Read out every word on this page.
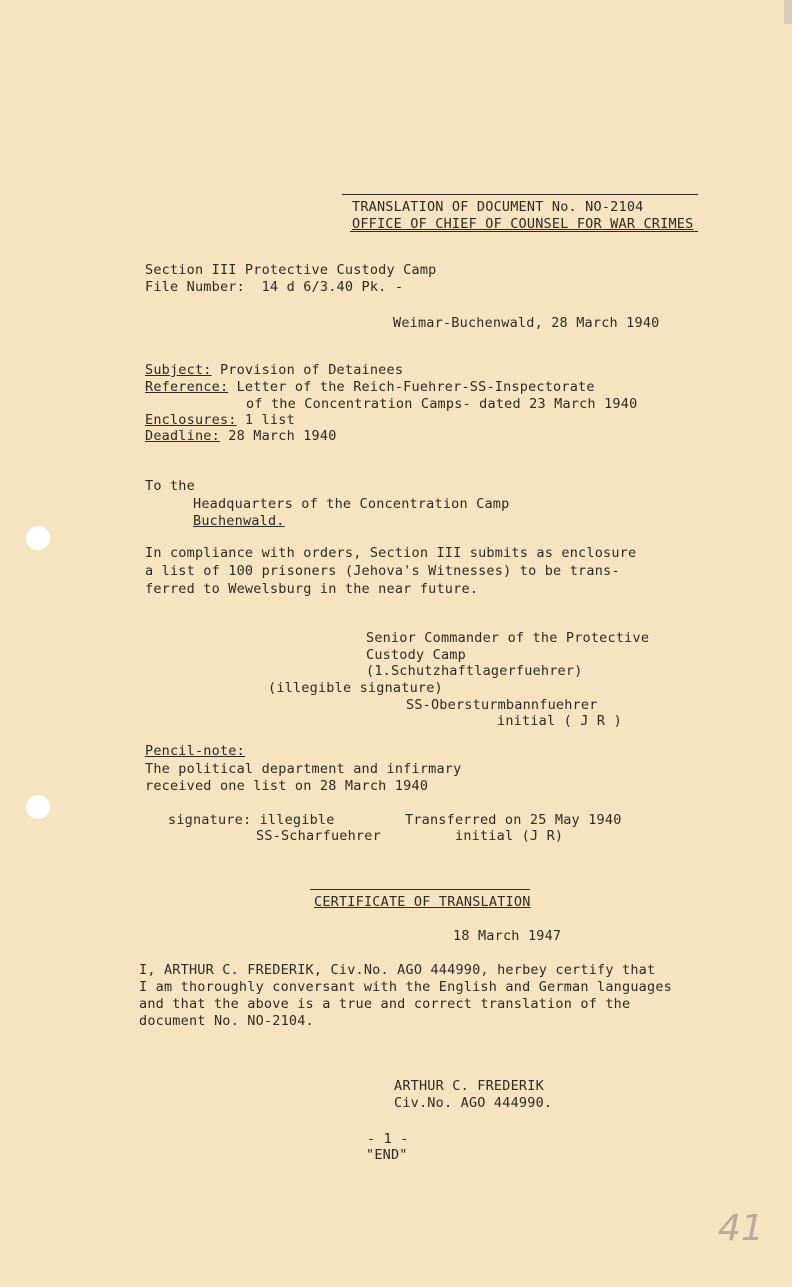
TRANSLATION OF DOCUMENT No. NO-2104
OFFICE OF CHIEF OF COUNSEL FOR WAR CRIMES
Section III Protective Custody Camp
File Number:  14 d 6/3.40 Pk. -
Weimar-Buchenwald, 28 March 1940
Subject: Provision of Detainees
Reference: Letter of the Reich-Fuehrer-SS-Inspectorate
of the Concentration Camps- dated 23 March 1940
Enclosures: 1 list
Deadline: 28 March 1940
To the
Headquarters of the Concentration Camp
Buchenwald.
In compliance with orders, Section III submits as enclosure
a list of 100 prisoners (Jehova's Witnesses) to be trans-
ferred to Wewelsburg in the near future.
Senior Commander of the Protective
Custody Camp
(1.Schutzhaftlagerfuehrer)
(illegible signature)
SS-Obersturmbannfuehrer
initial ( J R )
Pencil-note:
The political department and infirmary
received one list on 28 March 1940
signature: illegible
SS-Scharfuehrer
Transferred on 25 May 1940
initial (J R)
CERTIFICATE OF TRANSLATION
18 March 1947
I, ARTHUR C. FREDERIK, Civ.No. AGO 444990, herbey certify that
I am thoroughly conversant with the English and German languages
and that the above is a true and correct translation of the
document No. NO-2104.
ARTHUR C. FREDERIK
Civ.No. AGO 444990.
- 1 -
"END"
41
